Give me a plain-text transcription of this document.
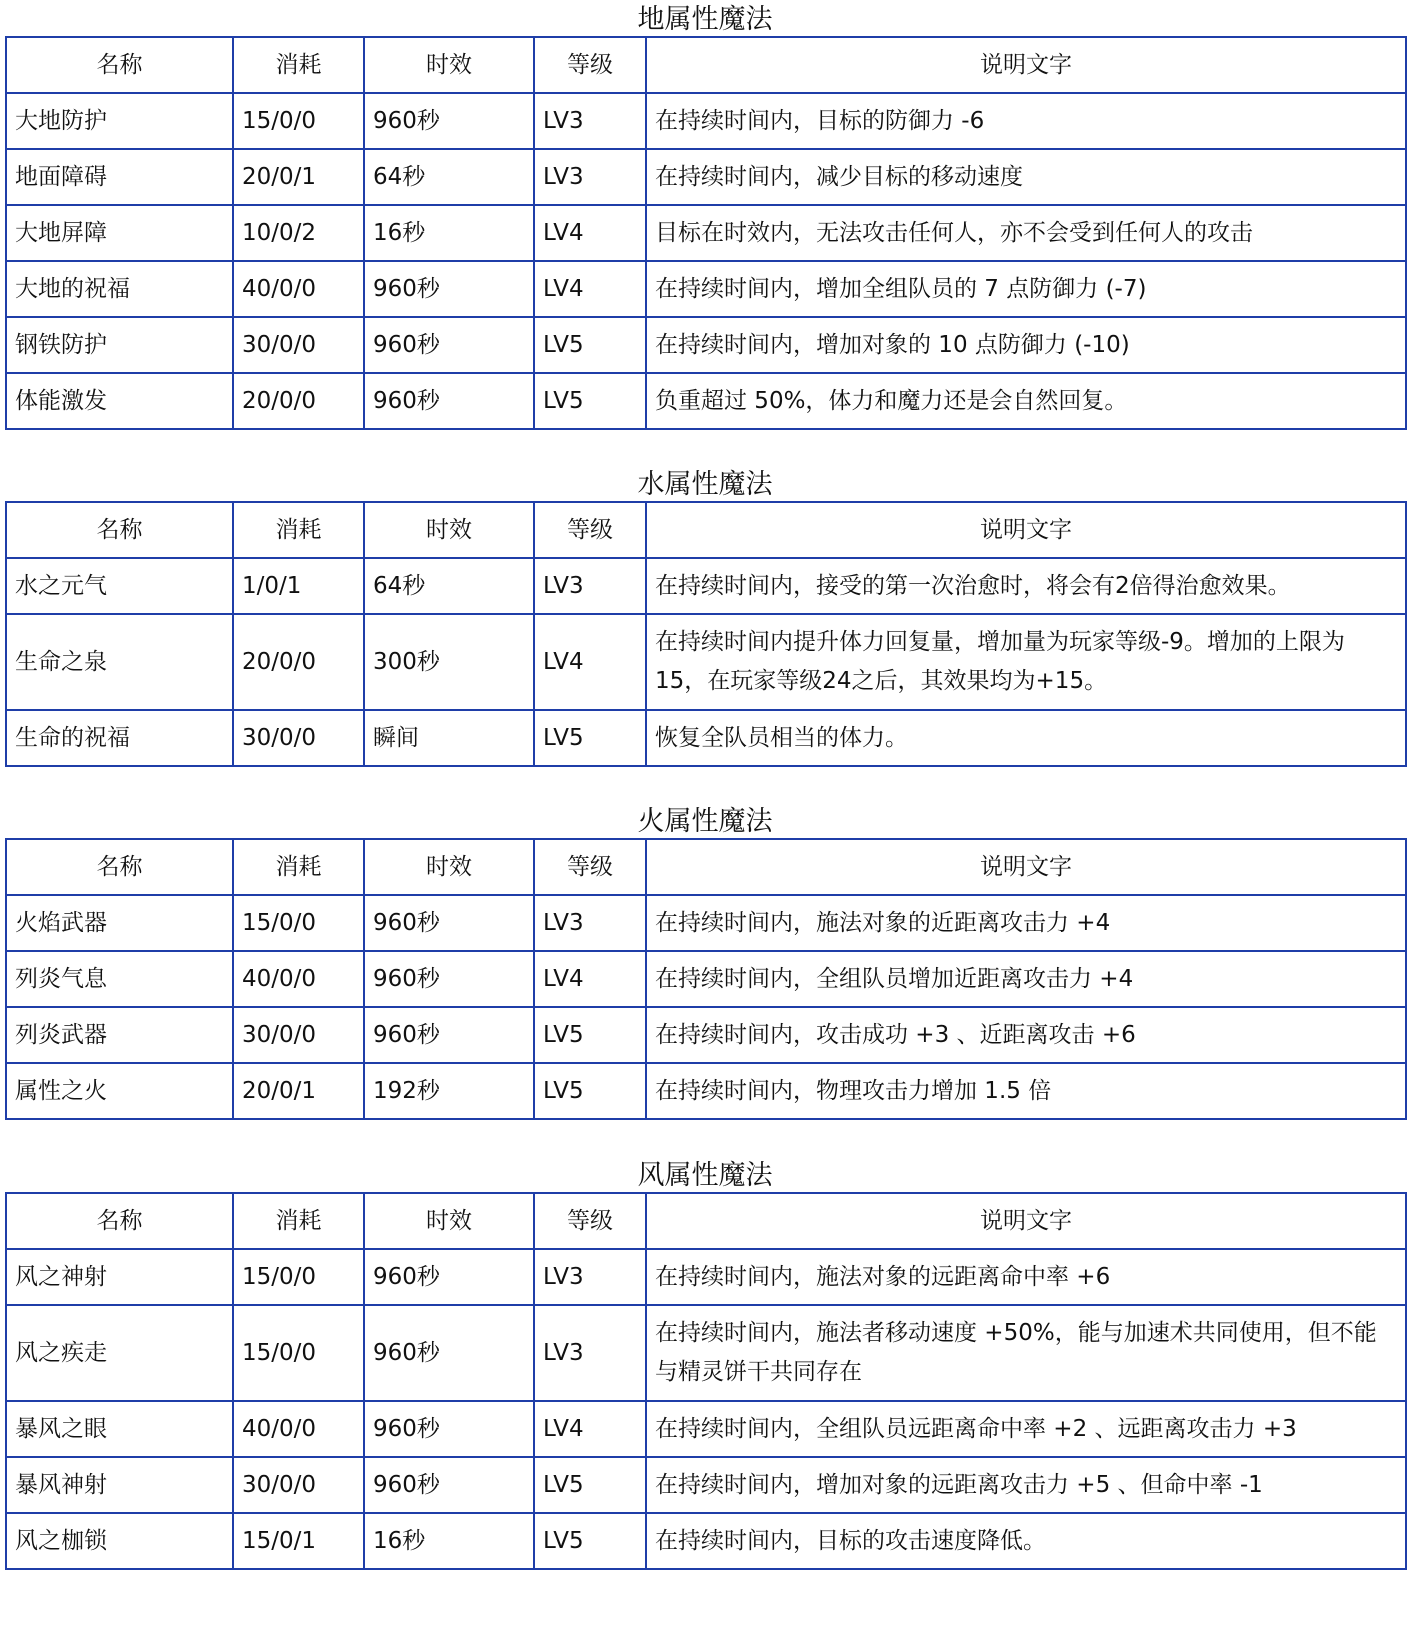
地属性魔法
名称	消耗	时效	等级	说明文字
大地防护	15/0/0	960秒	LV3	在持续时间内，目标的防御力 -6
地面障碍	20/0/1	64秒	LV3	在持续时间内，减少目标的移动速度
大地屏障	10/0/2	16秒	LV4	目标在时效内，无法攻击任何人，亦不会受到任何人的攻击
大地的祝福	40/0/0	960秒	LV4	在持续时间内，增加全组队员的 7 点防御力 (-7)
钢铁防护	30/0/0	960秒	LV5	在持续时间内，增加对象的 10 点防御力 (-10)
体能激发	20/0/0	960秒	LV5	负重超过 50%，体力和魔力还是会自然回复。
水属性魔法
名称	消耗	时效	等级	说明文字
水之元气	1/0/1	64秒	LV3	在持续时间内，接受的第一次治愈时，将会有2倍得治愈效果。
生命之泉	20/0/0	300秒	LV4	在持续时间内提升体力回复量，增加量为玩家等级-9。增加的上限为15，在玩家等级24之后，其效果均为+15。
生命的祝福	30/0/0	瞬间	LV5	恢复全队员相当的体力。
火属性魔法
名称	消耗	时效	等级	说明文字
火焰武器	15/0/0	960秒	LV3	在持续时间内，施法对象的近距离攻击力 +4
列炎气息	40/0/0	960秒	LV4	在持续时间内，全组队员增加近距离攻击力 +4
列炎武器	30/0/0	960秒	LV5	在持续时间内，攻击成功 +3 、近距离攻击 +6
属性之火	20/0/1	192秒	LV5	在持续时间内，物理攻击力增加 1.5 倍
风属性魔法
名称	消耗	时效	等级	说明文字
风之神射	15/0/0	960秒	LV3	在持续时间内，施法对象的远距离命中率 +6
风之疾走	15/0/0	960秒	LV3	在持续时间内，施法者移动速度 +50%，能与加速术共同使用，但不能与精灵饼干共同存在
暴风之眼	40/0/0	960秒	LV4	在持续时间内，全组队员远距离命中率 +2 、远距离攻击力 +3
暴风神射	30/0/0	960秒	LV5	在持续时间内，增加对象的远距离攻击力 +5 、但命中率 -1
风之枷锁	15/0/1	16秒	LV5	在持续时间内，目标的攻击速度降低。
